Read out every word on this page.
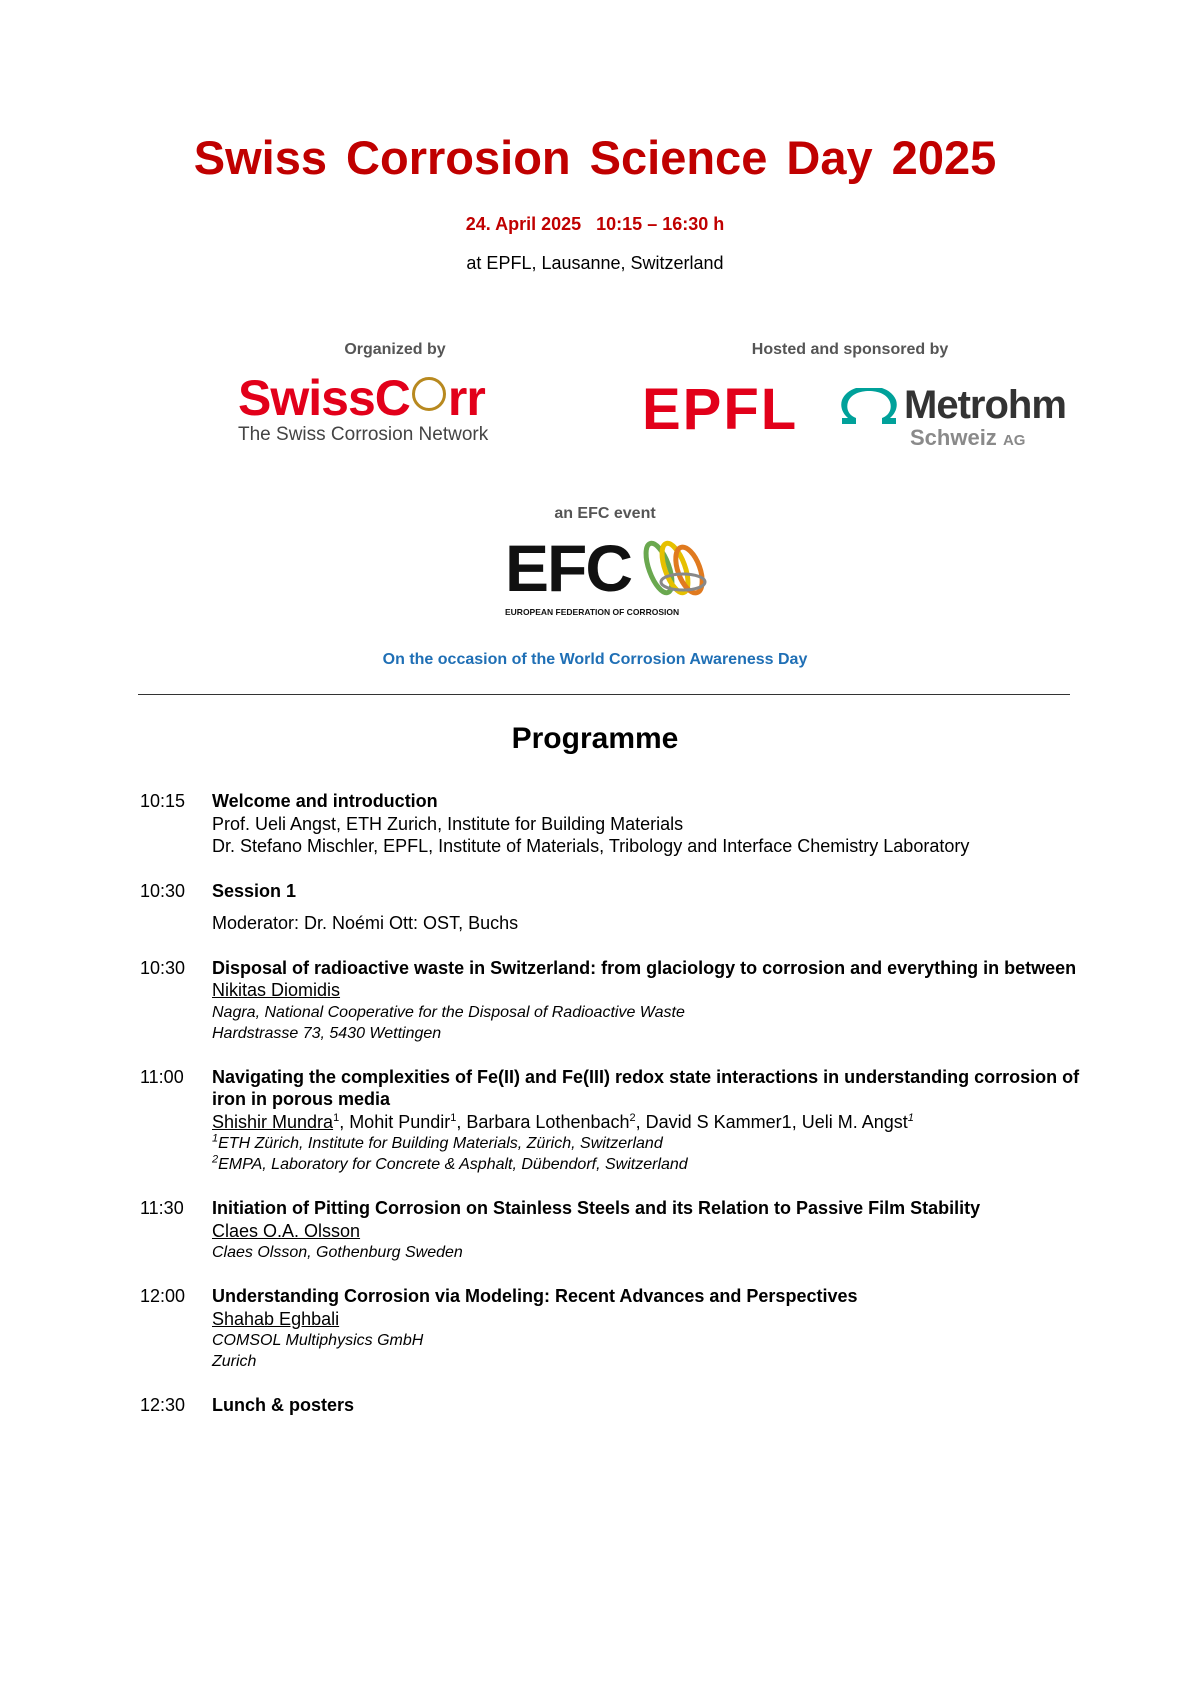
Swiss Corrosion Science Day 2025
24. April 2025   10:15 – 16:30 h
at EPFL, Lausanne, Switzerland
Organized by
SwissC rr
The Swiss Corrosion Network
Hosted and sponsored by
EPFL	Metrohm
Schweiz AG
an EFC event
EFC
EUROPEAN FEDERATION OF CORROSION
On the occasion of the World Corrosion Awareness Day
Programme
10:15	Welcome and introduction
Prof. Ueli Angst, ETH Zurich, Institute for Building Materials
Dr. Stefano Mischler, EPFL, Institute of Materials, Tribology and Interface Chemistry Laboratory
10:30	Session 1
Moderator: Dr. Noémi Ott: OST, Buchs
10:30	Disposal of radioactive waste in Switzerland: from glaciology to corrosion and everything in between
Nikitas Diomidis
Nagra, National Cooperative for the Disposal of Radioactive Waste
Hardstrasse 73, 5430 Wettingen
11:00	Navigating the complexities of Fe(II) and Fe(III) redox state interactions in understanding corrosion of iron in porous media
Shishir Mundra$^1$, Mohit Pundir$^1$, Barbara Lothenbach$^2$, David S Kammer1, Ueli M. Angst$^1$
$^1$ETH Zürich, Institute for Building Materials, Zürich, Switzerland
$^2$EMPA, Laboratory for Concrete & Asphalt, Dübendorf, Switzerland
11:30	Initiation of Pitting Corrosion on Stainless Steels and its Relation to Passive Film Stability
Claes O.A. Olsson
Claes Olsson, Gothenburg Sweden
12:00	Understanding Corrosion via Modeling: Recent Advances and Perspectives
Shahab Eghbali
COMSOL Multiphysics GmbH
Zurich
12:30	Lunch & posters
